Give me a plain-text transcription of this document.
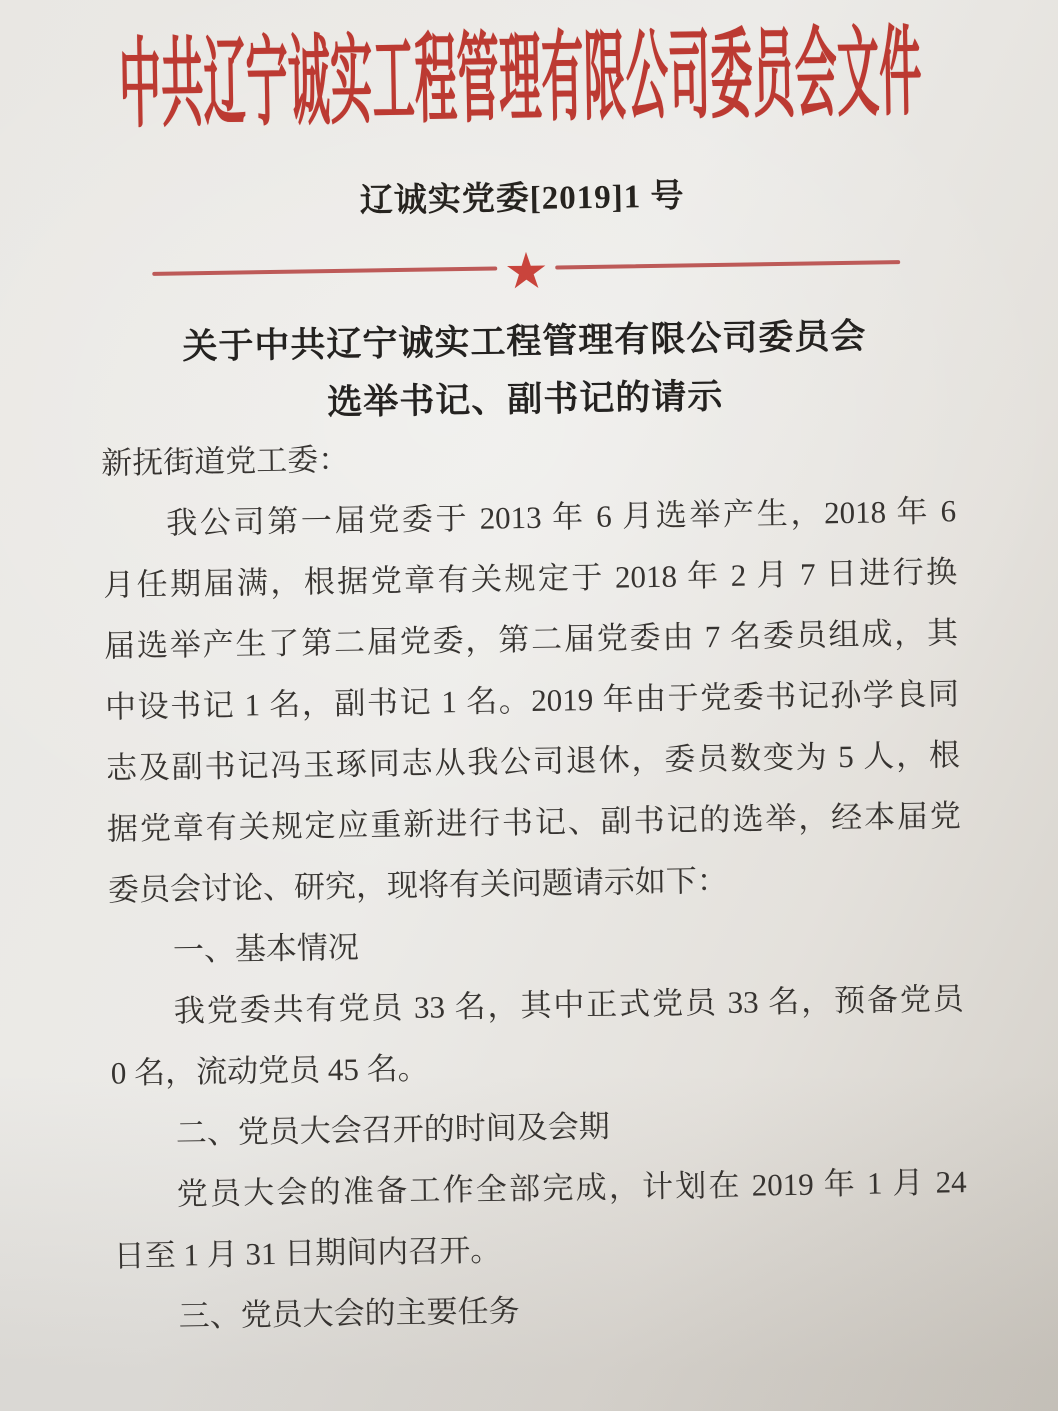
中共辽宁诚实工程管理有限公司委员会文件
辽诚实党委[2019]1 号
★
关于中共辽宁诚实工程管理有限公司委员会
选举书记、副书记的请示
新抚街道党工委：
我公司第一届党委于 2013 年 6 月选举产生，2018 年 6
月任期届满，根据党章有关规定于 2018 年 2 月 7 日进行换
届选举产生了第二届党委，第二届党委由 7 名委员组成，其
中设书记 1 名，副书记 1 名。2019 年由于党委书记孙学良同
志及副书记冯玉琢同志从我公司退休，委员数变为 5 人，根
据党章有关规定应重新进行书记、副书记的选举，经本届党
委员会讨论、研究，现将有关问题请示如下：
一、基本情况
我党委共有党员 33 名，其中正式党员 33 名，预备党员
0 名，流动党员 45 名。
二、党员大会召开的时间及会期
党员大会的准备工作全部完成，计划在 2019 年 1 月 24
日至 1 月 31 日期间内召开。
三、党员大会的主要任务
